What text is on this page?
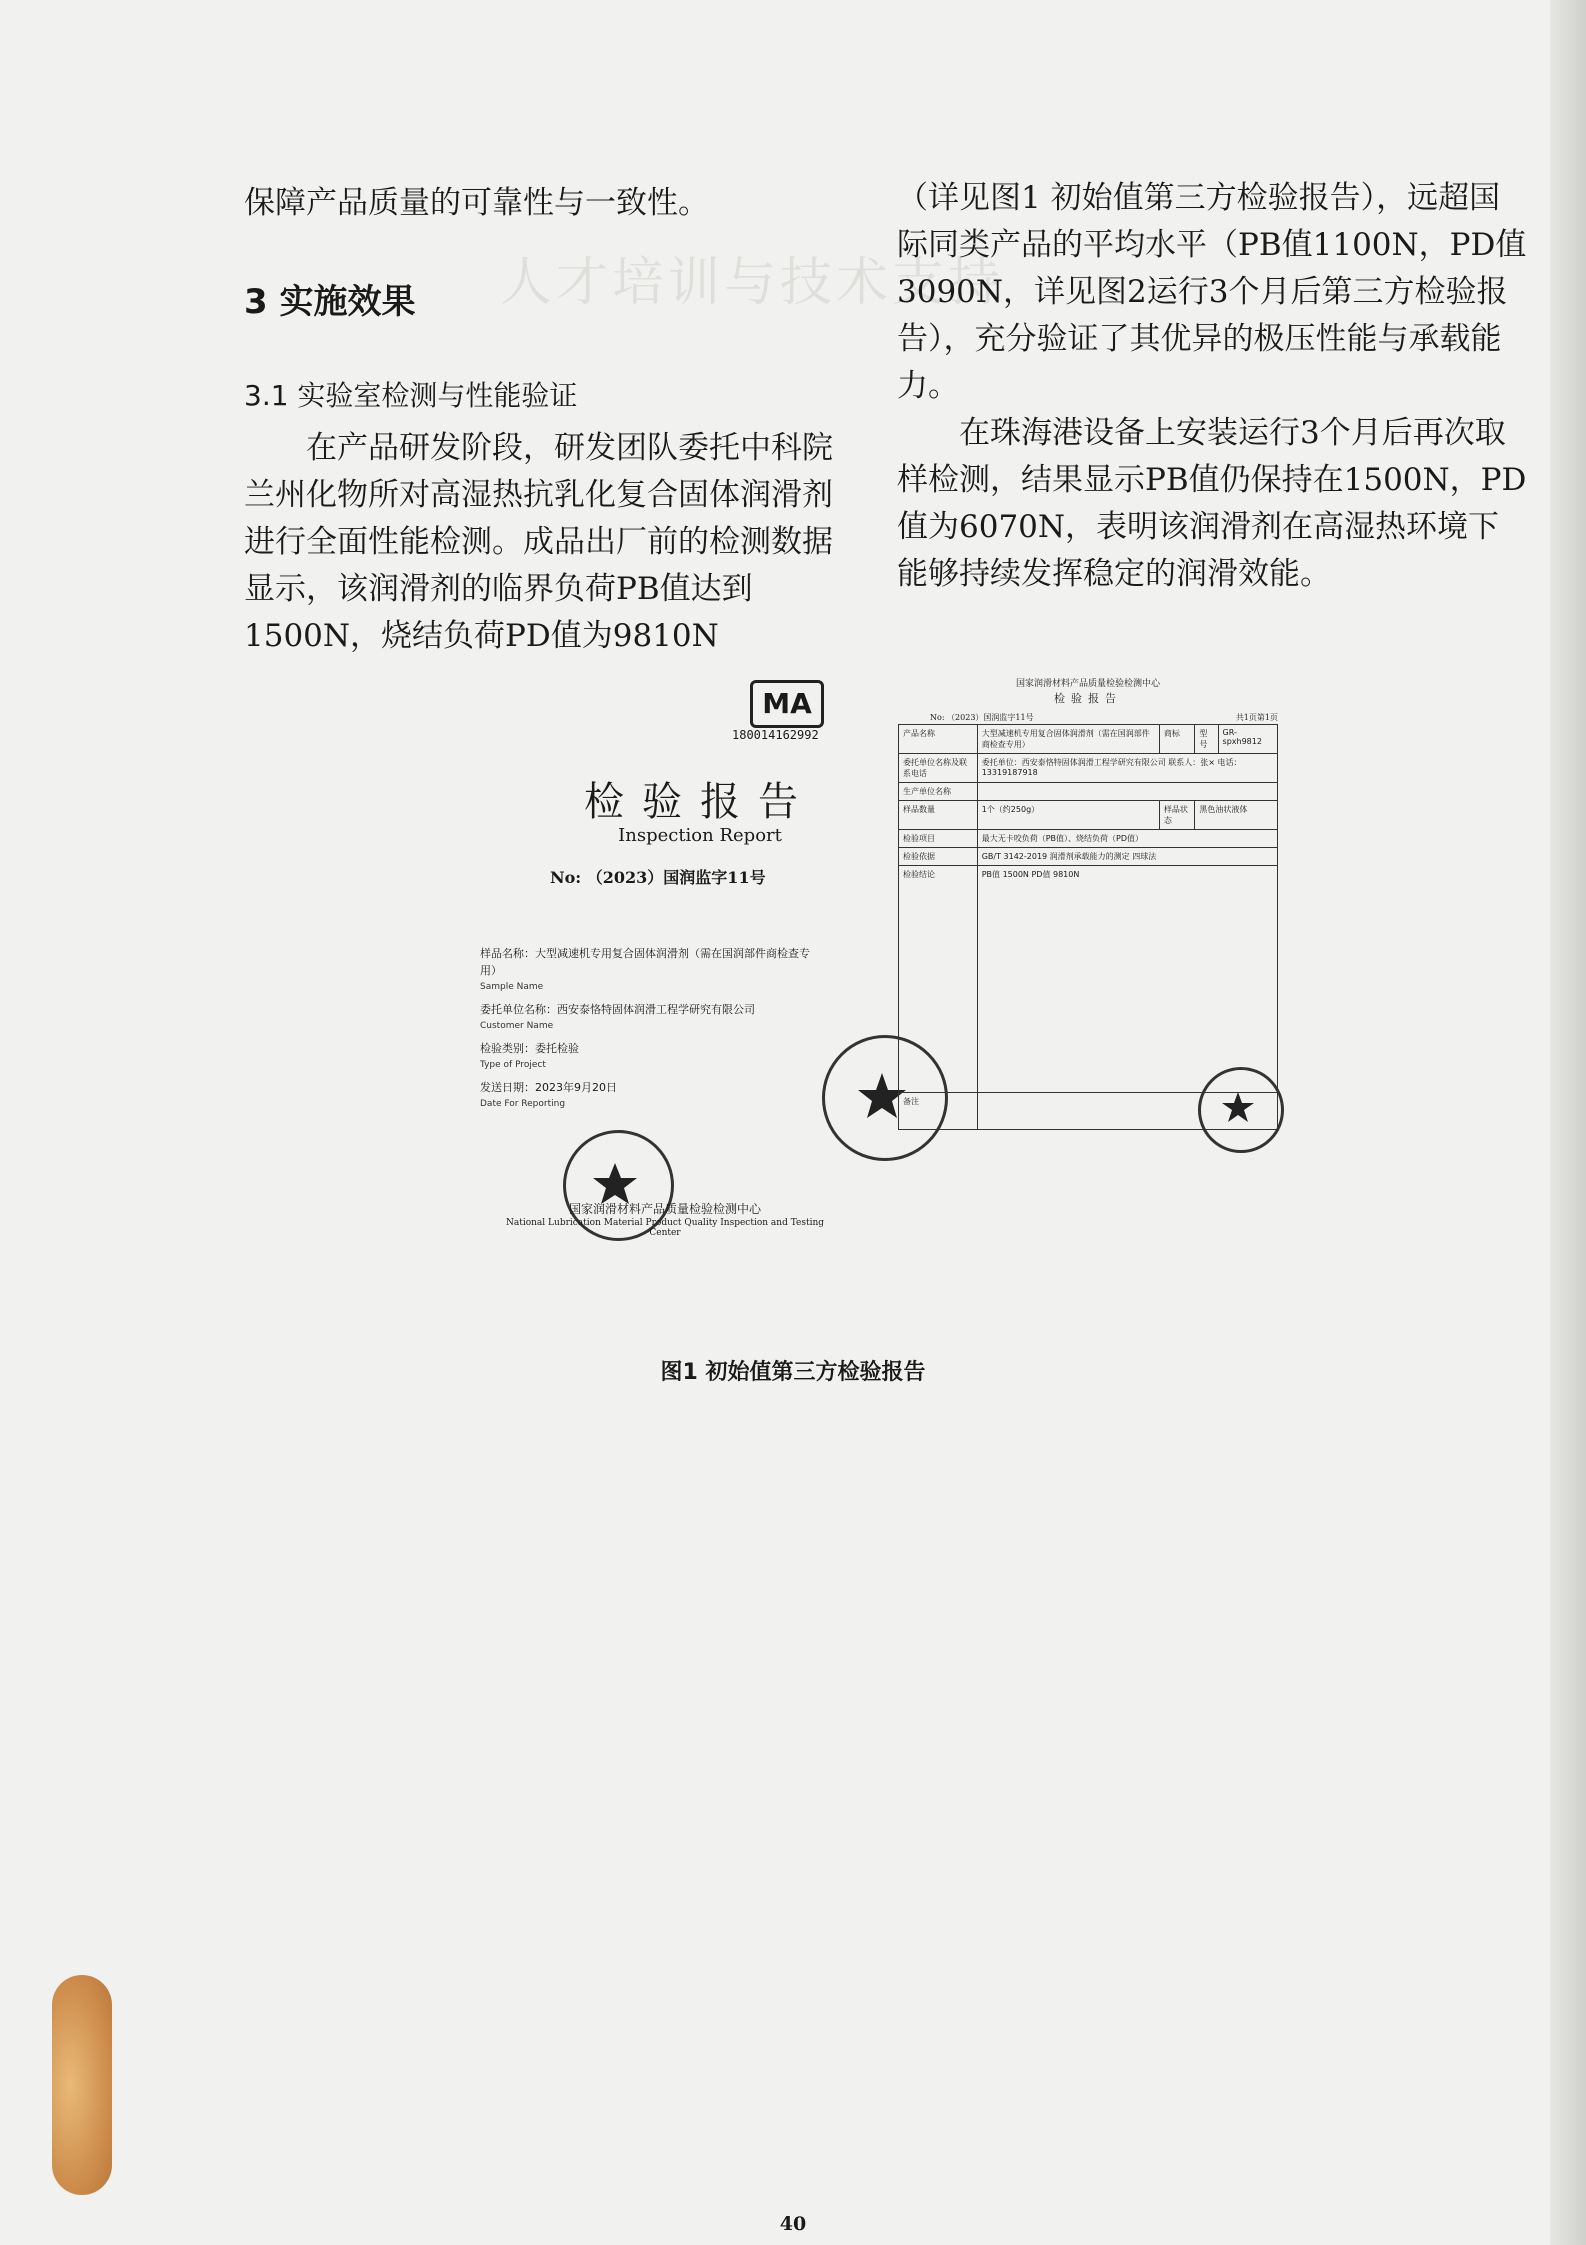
人才培训与技术支持

保障产品质量的可靠性与一致性。

3 实施效果

3.1 实验室检测与性能验证

在产品研发阶段，研发团队委托中科院兰州化物所对高湿热抗乳化复合固体润滑剂进行全面性能检测。成品出厂前的检测数据显示，该润滑剂的临界负荷PB值达到1500N，烧结负荷PD值为9810N

（详见图1 初始值第三方检验报告），远超国际同类产品的平均水平（PB值1100N，PD值3090N，详见图2运行3个月后第三方检验报告），充分验证了其优异的极压性能与承载能力。

在珠海港设备上安装运行3个月后再次取样检测，结果显示PB值仍保持在1500N，PD值为6070N，表明该润滑剂在高湿热环境下能够持续发挥稳定的润滑效能。

MA
180014162992
检验报告
Inspection Report
No: （2023）国润监字11号
样品名称：大型减速机专用复合固体润滑剂（需在国润部件商检查专用）
Sample Name
委托单位名称：西安泰恪特固体润滑工程学研究有限公司
Customer Name
检验类别：委托检验
Type of Project
发送日期：2023年9月20日
Date For Reporting
国家润滑材料产品质量检验检测中心
National Lubrication Material Product Quality Inspection and Testing Center
国家润滑材料产品质量检验检测中心
检验报告
No: （2023）国润监字11号	共1页第1页
产品名称	大型减速机专用复合固体润滑剂（需在国润部件商检查专用）	商标	型号	GR-spxh9812
委托单位名称及联系电话	委托单位：西安泰恪特固体润滑工程学研究有限公司 联系人：张× 电话：13319187918			
生产单位名称				
样品数量	1个（约250g）	样品状态	黑色油状液体	
检验项目	最大无卡咬负荷（PB值）、烧结负荷（PD值）			
检验依据	GB/T 3142-2019 润滑剂承载能力的测定 四球法			
检验结论	PB值 1500N PD值 9810N			
备注				
图1 初始值第三方检验报告
40
